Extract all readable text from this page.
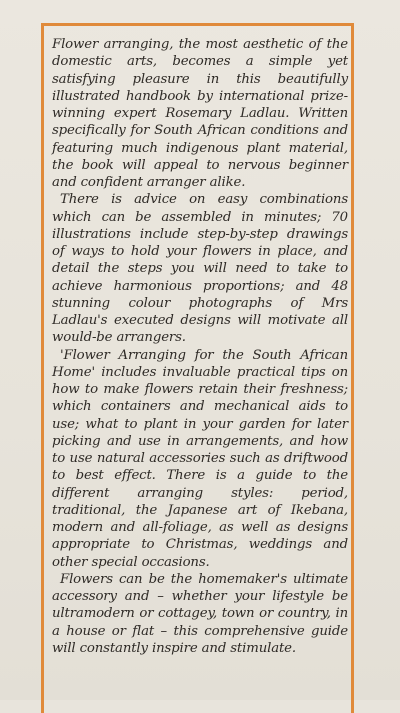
Flower arranging, the most aesthetic of the domestic arts, becomes a simple yet satisfying pleasure in this beautifully illustrated handbook by international prize-winning expert Rosemary Ladlau. Written specifically for South African conditions and featuring much indigenous plant material, the book will appeal to nervous beginner and confident arranger alike.

There is advice on easy combinations which can be assembled in minutes; 70 illustrations include step-by-step drawings of ways to hold your flowers in place, and detail the steps you will need to take to achieve harmonious proportions; and 48 stunning colour photographs of Mrs Ladlau's executed designs will motivate all would-be arrangers.

'Flower Arranging for the South African Home' includes invaluable practical tips on how to make flowers retain their freshness; which containers and mechanical aids to use; what to plant in your garden for later picking and use in arrangements, and how to use natural accessories such as driftwood to best effect. There is a guide to the different arranging styles: period, traditional, the Japanese art of Ikebana, modern and all-foliage, as well as designs appropriate to Christmas, weddings and other special occasions.

Flowers can be the homemaker's ultimate accessory and – whether your lifestyle be ultramodern or cottagey, town or country, in a house or flat – this comprehensive guide will constantly inspire and stimulate.
